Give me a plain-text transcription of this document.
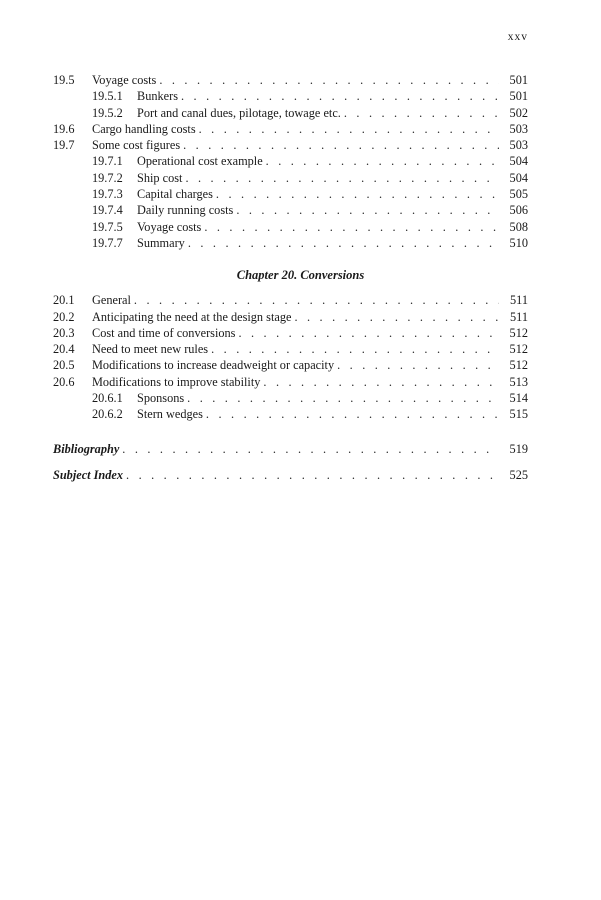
xxv
19.5	Voyage costs . . .	501
19.5.1	Bunkers . . .	501
19.5.2	Port and canal dues, pilotage, towage etc. . . .	502
19.6	Cargo handling costs . . .	503
19.7	Some cost figures . . .	503
19.7.1	Operational cost example . . .	504
19.7.2	Ship cost . . .	504
19.7.3	Capital charges . . .	505
19.7.4	Daily running costs . . .	506
19.7.5	Voyage costs . . .	508
19.7.7	Summary . . .	510
Chapter 20. Conversions
20.1	General . . .	511
20.2	Anticipating the need at the design stage . . .	511
20.3	Cost and time of conversions . . .	512
20.4	Need to meet new rules . . .	512
20.5	Modifications to increase deadweight or capacity . . .	512
20.6	Modifications to improve stability . . .	513
20.6.1	Sponsons . . .	514
20.6.2	Stern wedges . . .	515
Bibliography . . .	519
Subject Index . . .	525
